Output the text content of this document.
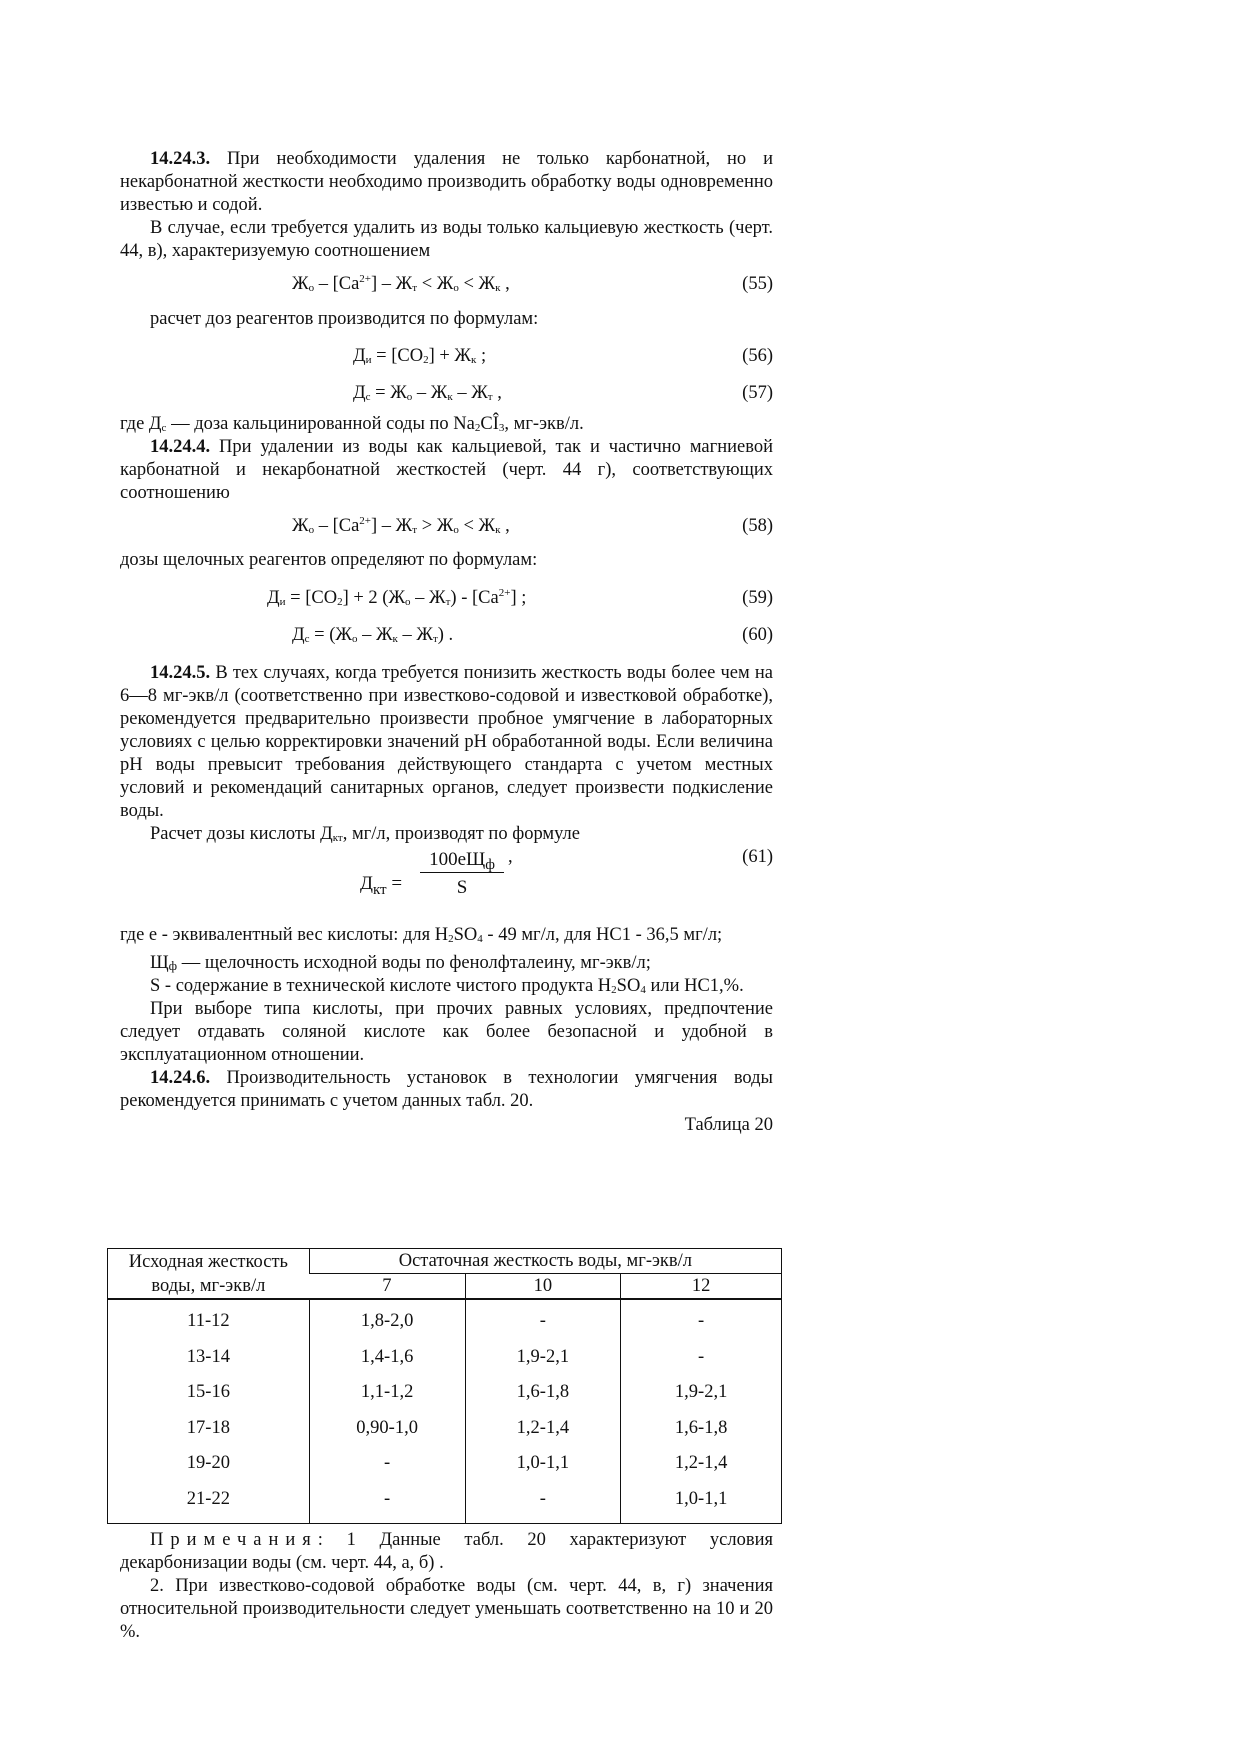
14.24.3. При необходимости удаления не только карбонатной, но и некарбонатной жесткости необходимо производить обработку воды одновременно известью и содой.

В случае, если требуется удалить из воды только кальциевую жесткость (черт. 44, в), характеризуемую соотношением

$Ж_о - [Ca^{2+}] - Ж_т < Ж_о < Ж_к$ ,	(55)

расчет доз реагентов производится по формулам:

$Д_и = [CO_2] + Ж_к$ ;	(56)
$Д_с = Ж_о - Ж_к - Ж_т$ ,	(57)

где $Д_с$ — доза кальцинированной соды по $Na_2CÎ_3$, мг-экв/л.

14.24.4. При удалении из воды как кальциевой, так и частично магниевой карбонатной и некарбонатной жесткостей (черт. 44 г), соответствующих соотношению

$Ж_о - [Ca^{2+}] - Ж_т > Ж_о < Ж_к$ ,	(58)

дозы щелочных реагентов определяют по формулам:

$Д_и = [CO_2] + 2$ $(Ж_о - Ж_т) - [Ca^{2+}]$ ;	(59)
$Д_с = (Ж_о - Ж_к - Ж_т)$ .	(60)

14.24.5. В тех случаях, когда требуется понизить жесткость воды более чем на 6—8 мг-экв/л (соответственно при известково-содовой и известковой обработке), рекомендуется предварительно произвести пробное умягчение в лабораторных условиях с целью корректировки значений pH обработанной воды. Если величина pH воды превысит требования действующего стандарта с учетом местных условий и рекомендаций санитарных органов, следует произвести подкисление воды.

Расчет дозы кислоты $Д_{кт}$, мг/л, производят по формуле

,	(61)
$Д_{кт}$ =
$100eЩ_ф$
S

где е - эквивалентный вес кислоты: для $H_2SO_4 - 49$ мг/л, для НС1 - 36,5 мг/л;

$Щ_ф$ — щелочность исходной воды по фенолфталеину, мг-экв/л;

S - содержание в технической кислоте чистого продукта $H_2SO_4$ или НС1,%.

При выборе типа кислоты, при прочих равных условиях, предпочтение следует отдавать соляной кислоте как более безопасной и удобной в эксплуатационном отношении.

14.24.6. Производительность установок в технологии умягчения воды рекомендуется принимать с учетом данных табл. 20.

Таблица 20

Исходная жесткость
воды, мг-экв/л	Остаточная жесткость воды, мг-экв/л		
	7	10	12
11-12	1,8-2,0	-	-
13-14	1,4-1,6	1,9-2,1	-
15-16	1,1-1,2	1,6-1,8	1,9-2,1
17-18	0,90-1,0	1,2-1,4	1,6-1,8
19-20	-	1,0-1,1	1,2-1,4
21-22	-	-	1,0-1,1

Примечания: 1 Данные табл. 20 характеризуют условия декарбонизации воды (см. черт. 44, а, б) .

2. При известково-содовой обработке воды (см. черт. 44, в, г) значения относительной производительности следует уменьшать соответственно на 10 и 20 %.
